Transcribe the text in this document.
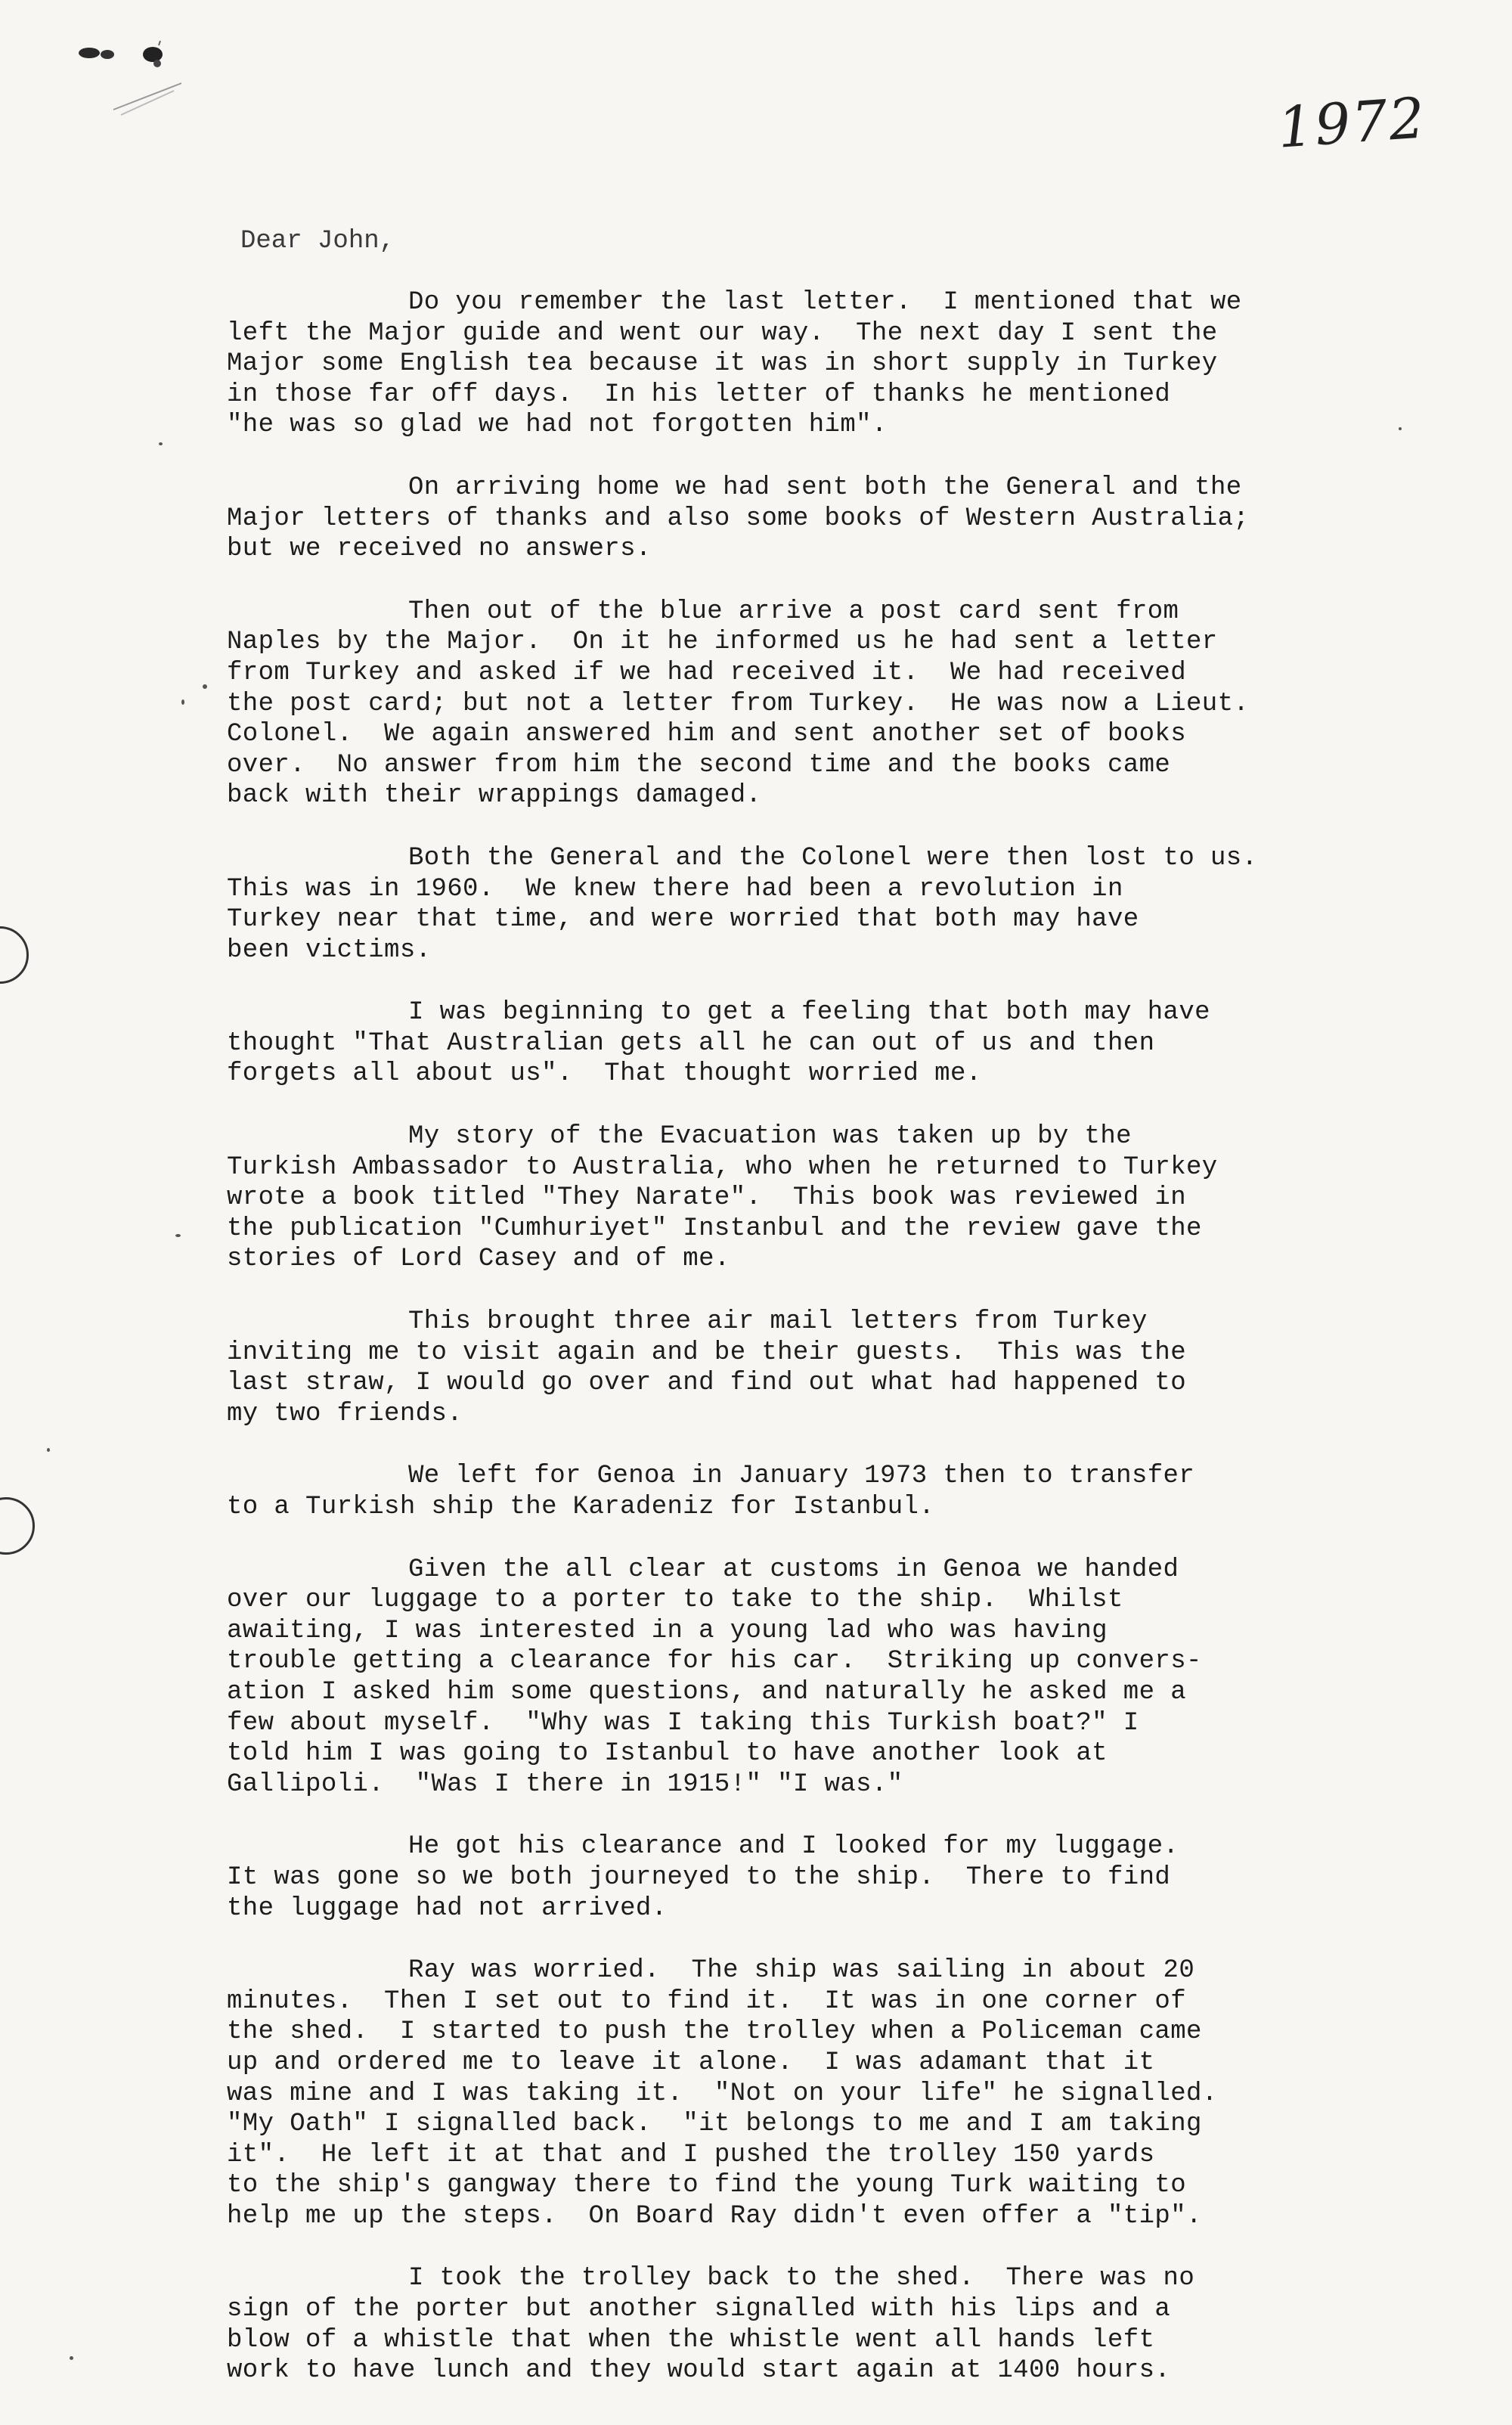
1972
Dear John,
Do you remember the last letter.  I mentioned that we
left the Major guide and went our way.  The next day I sent the
Major some English tea because it was in short supply in Turkey
in those far off days.  In his letter of thanks he mentioned
"he was so glad we had not forgotten him".
On arriving home we had sent both the General and the
Major letters of thanks and also some books of Western Australia;
but we received no answers.
Then out of the blue arrive a post card sent from
Naples by the Major.  On it he informed us he had sent a letter
from Turkey and asked if we had received it.  We had received
the post card; but not a letter from Turkey.  He was now a Lieut.
Colonel.  We again answered him and sent another set of books
over.  No answer from him the second time and the books came
back with their wrappings damaged.
Both the General and the Colonel were then lost to us.
This was in 1960.  We knew there had been a revolution in
Turkey near that time, and were worried that both may have
been victims.
I was beginning to get a feeling that both may have
thought "That Australian gets all he can out of us and then
forgets all about us".  That thought worried me.
My story of the Evacuation was taken up by the
Turkish Ambassador to Australia, who when he returned to Turkey
wrote a book titled "They Narate".  This book was reviewed in
the publication "Cumhuriyet" Instanbul and the review gave the
stories of Lord Casey and of me.
This brought three air mail letters from Turkey
inviting me to visit again and be their guests.  This was the
last straw, I would go over and find out what had happened to
my two friends.
We left for Genoa in January 1973 then to transfer
to a Turkish ship the Karadeniz for Istanbul.
Given the all clear at customs in Genoa we handed
over our luggage to a porter to take to the ship.  Whilst
awaiting, I was interested in a young lad who was having
trouble getting a clearance for his car.  Striking up convers-
ation I asked him some questions, and naturally he asked me a
few about myself.  "Why was I taking this Turkish boat?" I
told him I was going to Istanbul to have another look at
Gallipoli.  "Was I there in 1915!" "I was."
He got his clearance and I looked for my luggage.
It was gone so we both journeyed to the ship.  There to find
the luggage had not arrived.
Ray was worried.  The ship was sailing in about 20
minutes.  Then I set out to find it.  It was in one corner of
the shed.  I started to push the trolley when a Policeman came
up and ordered me to leave it alone.  I was adamant that it
was mine and I was taking it.  "Not on your life" he signalled.
"My Oath" I signalled back.  "it belongs to me and I am taking
it".  He left it at that and I pushed the trolley 150 yards
to the ship's gangway there to find the young Turk waiting to
help me up the steps.  On Board Ray didn't even offer a "tip".
I took the trolley back to the shed.  There was no
sign of the porter but another signalled with his lips and a
blow of a whistle that when the whistle went all hands left
work to have lunch and they would start again at 1400 hours.
